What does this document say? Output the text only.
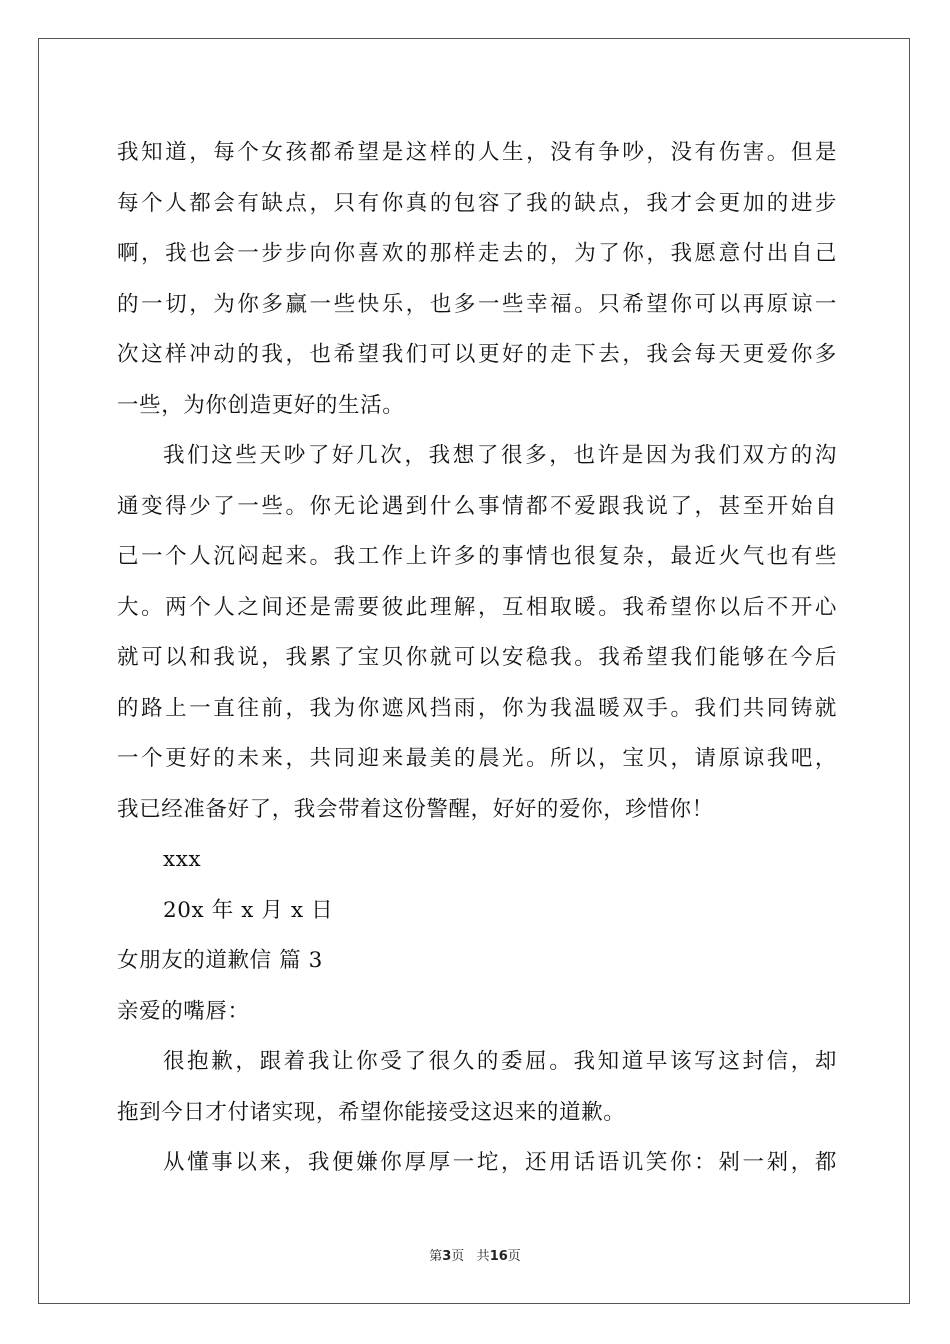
我知道，每个女孩都希望是这样的人生，没有争吵，没有伤害。但是
每个人都会有缺点，只有你真的包容了我的缺点，我才会更加的进步
啊，我也会一步步向你喜欢的那样走去的，为了你，我愿意付出自己
的一切，为你多赢一些快乐，也多一些幸福。只希望你可以再原谅一
次这样冲动的我，也希望我们可以更好的走下去，我会每天更爱你多
一些，为你创造更好的生活。
我们这些天吵了好几次，我想了很多，也许是因为我们双方的沟
通变得少了一些。你无论遇到什么事情都不爱跟我说了，甚至开始自
己一个人沉闷起来。我工作上许多的事情也很复杂，最近火气也有些
大。两个人之间还是需要彼此理解，互相取暖。我希望你以后不开心
就可以和我说，我累了宝贝你就可以安稳我。我希望我们能够在今后
的路上一直往前，我为你遮风挡雨，你为我温暖双手。我们共同铸就
一个更好的未来，共同迎来最美的晨光。所以，宝贝，请原谅我吧，
我已经准备好了，我会带着这份警醒，好好的爱你，珍惜你！
xxx
20x 年 x 月 x 日
女朋友的道歉信 篇 3
亲爱的嘴唇：
很抱歉，跟着我让你受了很久的委屈。我知道早该写这封信，却
拖到今日才付诸实现，希望你能接受这迟来的道歉。
从懂事以来，我便嫌你厚厚一坨，还用话语讥笑你：剁一剁，都
第3页 共16页
